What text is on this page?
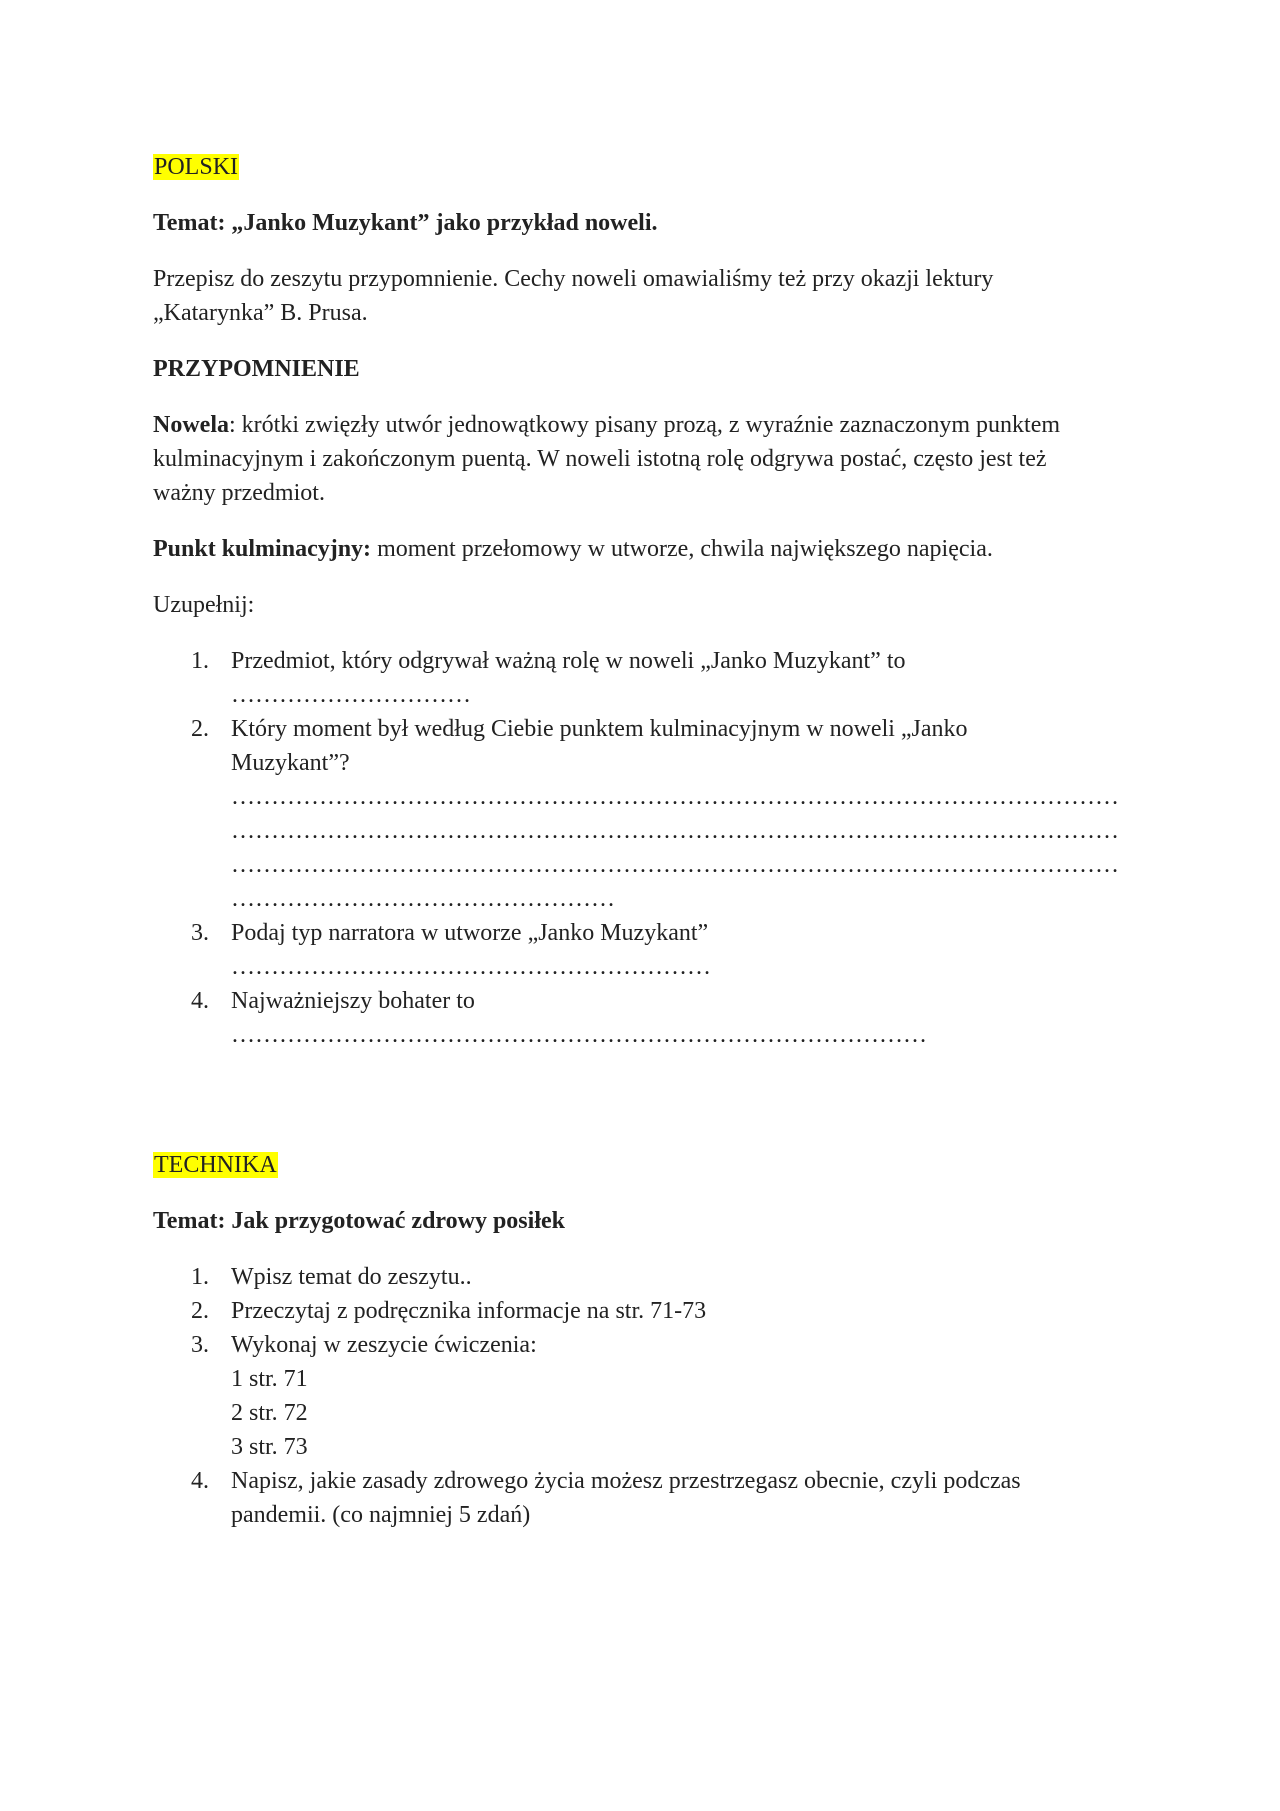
POLSKI

Temat: „Janko Muzykant” jako przykład noweli.

Przepisz do zeszytu przypomnienie. Cechy noweli omawialiśmy też przy okazji lektury
„Katarynka” B. Prusa.

PRZYPOMNIENIE

Nowela: krótki zwięzły utwór jednowątkowy pisany prozą, z wyraźnie zaznaczonym punktem
kulminacyjnym i zakończonym puentą. W noweli istotną rolę odgrywa postać, często jest też
ważny przedmiot.

Punkt kulminacyjny: moment przełomowy w utworze, chwila największego napięcia.

Uzupełnij:

1. Przedmiot, który odgrywał ważną rolę w noweli „Janko Muzykant” to
…………………………
2. Który moment był według Ciebie punktem kulminacyjnym w noweli „Janko
Muzykant”?
…………………………………………………………………………………………………
…………………………………………………………………………………………………
…………………………………………………………………………………………………
…………………………………………
3. Podaj typ narratora w utworze „Janko Muzykant”
……………………………………………………
4. Najważniejszy bohater to
……………………………………………………………………………

TECHNIKA

Temat: Jak przygotować zdrowy posiłek

1. Wpisz temat do zeszytu..
2. Przeczytaj z podręcznika informacje na str. 71-73
3. Wykonaj w zeszycie ćwiczenia:
1 str. 71
2 str. 72
3 str. 73
4. Napisz, jakie zasady zdrowego życia możesz przestrzegasz obecnie, czyli podczas
pandemii. (co najmniej 5 zdań)
